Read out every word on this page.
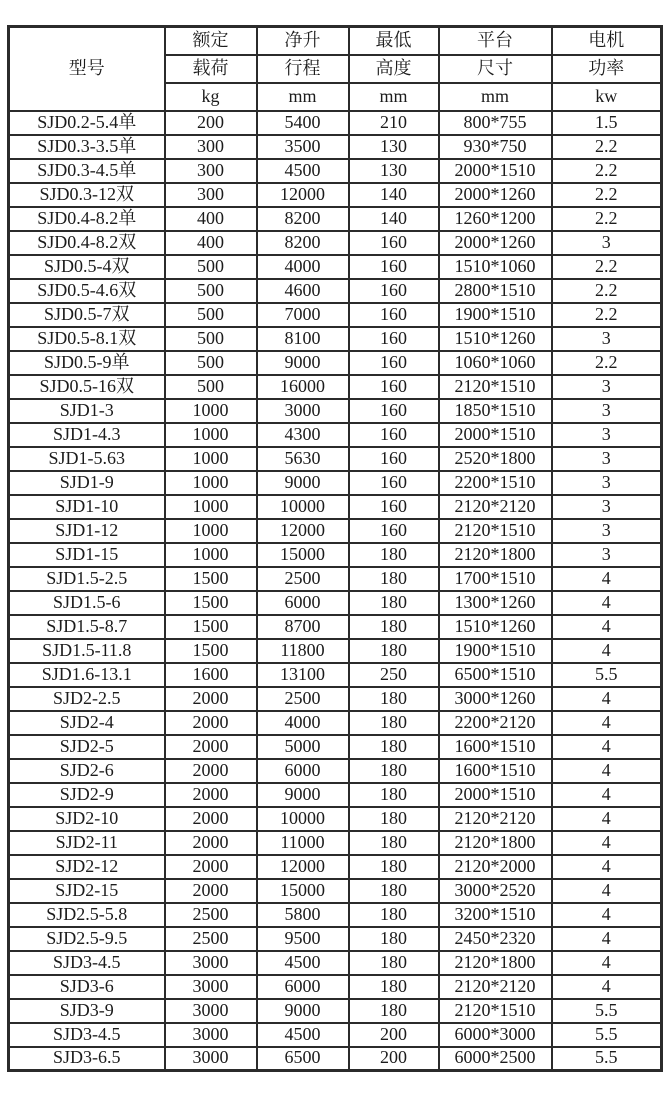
型号	额定	净升	最低	平台	电机
	载荷	行程	高度	尺寸	功率
	kg	mm	mm	mm	kw
SJD0.2-5.4单	200	5400	210	800*755	1.5
SJD0.3-3.5单	300	3500	130	930*750	2.2
SJD0.3-4.5单	300	4500	130	2000*1510	2.2
SJD0.3-12双	300	12000	140	2000*1260	2.2
SJD0.4-8.2单	400	8200	140	1260*1200	2.2
SJD0.4-8.2双	400	8200	160	2000*1260	3
SJD0.5-4双	500	4000	160	1510*1060	2.2
SJD0.5-4.6双	500	4600	160	2800*1510	2.2
SJD0.5-7双	500	7000	160	1900*1510	2.2
SJD0.5-8.1双	500	8100	160	1510*1260	3
SJD0.5-9单	500	9000	160	1060*1060	2.2
SJD0.5-16双	500	16000	160	2120*1510	3
SJD1-3	1000	3000	160	1850*1510	3
SJD1-4.3	1000	4300	160	2000*1510	3
SJD1-5.63	1000	5630	160	2520*1800	3
SJD1-9	1000	9000	160	2200*1510	3
SJD1-10	1000	10000	160	2120*2120	3
SJD1-12	1000	12000	160	2120*1510	3
SJD1-15	1000	15000	180	2120*1800	3
SJD1.5-2.5	1500	2500	180	1700*1510	4
SJD1.5-6	1500	6000	180	1300*1260	4
SJD1.5-8.7	1500	8700	180	1510*1260	4
SJD1.5-11.8	1500	11800	180	1900*1510	4
SJD1.6-13.1	1600	13100	250	6500*1510	5.5
SJD2-2.5	2000	2500	180	3000*1260	4
SJD2-4	2000	4000	180	2200*2120	4
SJD2-5	2000	5000	180	1600*1510	4
SJD2-6	2000	6000	180	1600*1510	4
SJD2-9	2000	9000	180	2000*1510	4
SJD2-10	2000	10000	180	2120*2120	4
SJD2-11	2000	11000	180	2120*1800	4
SJD2-12	2000	12000	180	2120*2000	4
SJD2-15	2000	15000	180	3000*2520	4
SJD2.5-5.8	2500	5800	180	3200*1510	4
SJD2.5-9.5	2500	9500	180	2450*2320	4
SJD3-4.5	3000	4500	180	2120*1800	4
SJD3-6	3000	6000	180	2120*2120	4
SJD3-9	3000	9000	180	2120*1510	5.5
SJD3-4.5	3000	4500	200	6000*3000	5.5
SJD3-6.5	3000	6500	200	6000*2500	5.5
